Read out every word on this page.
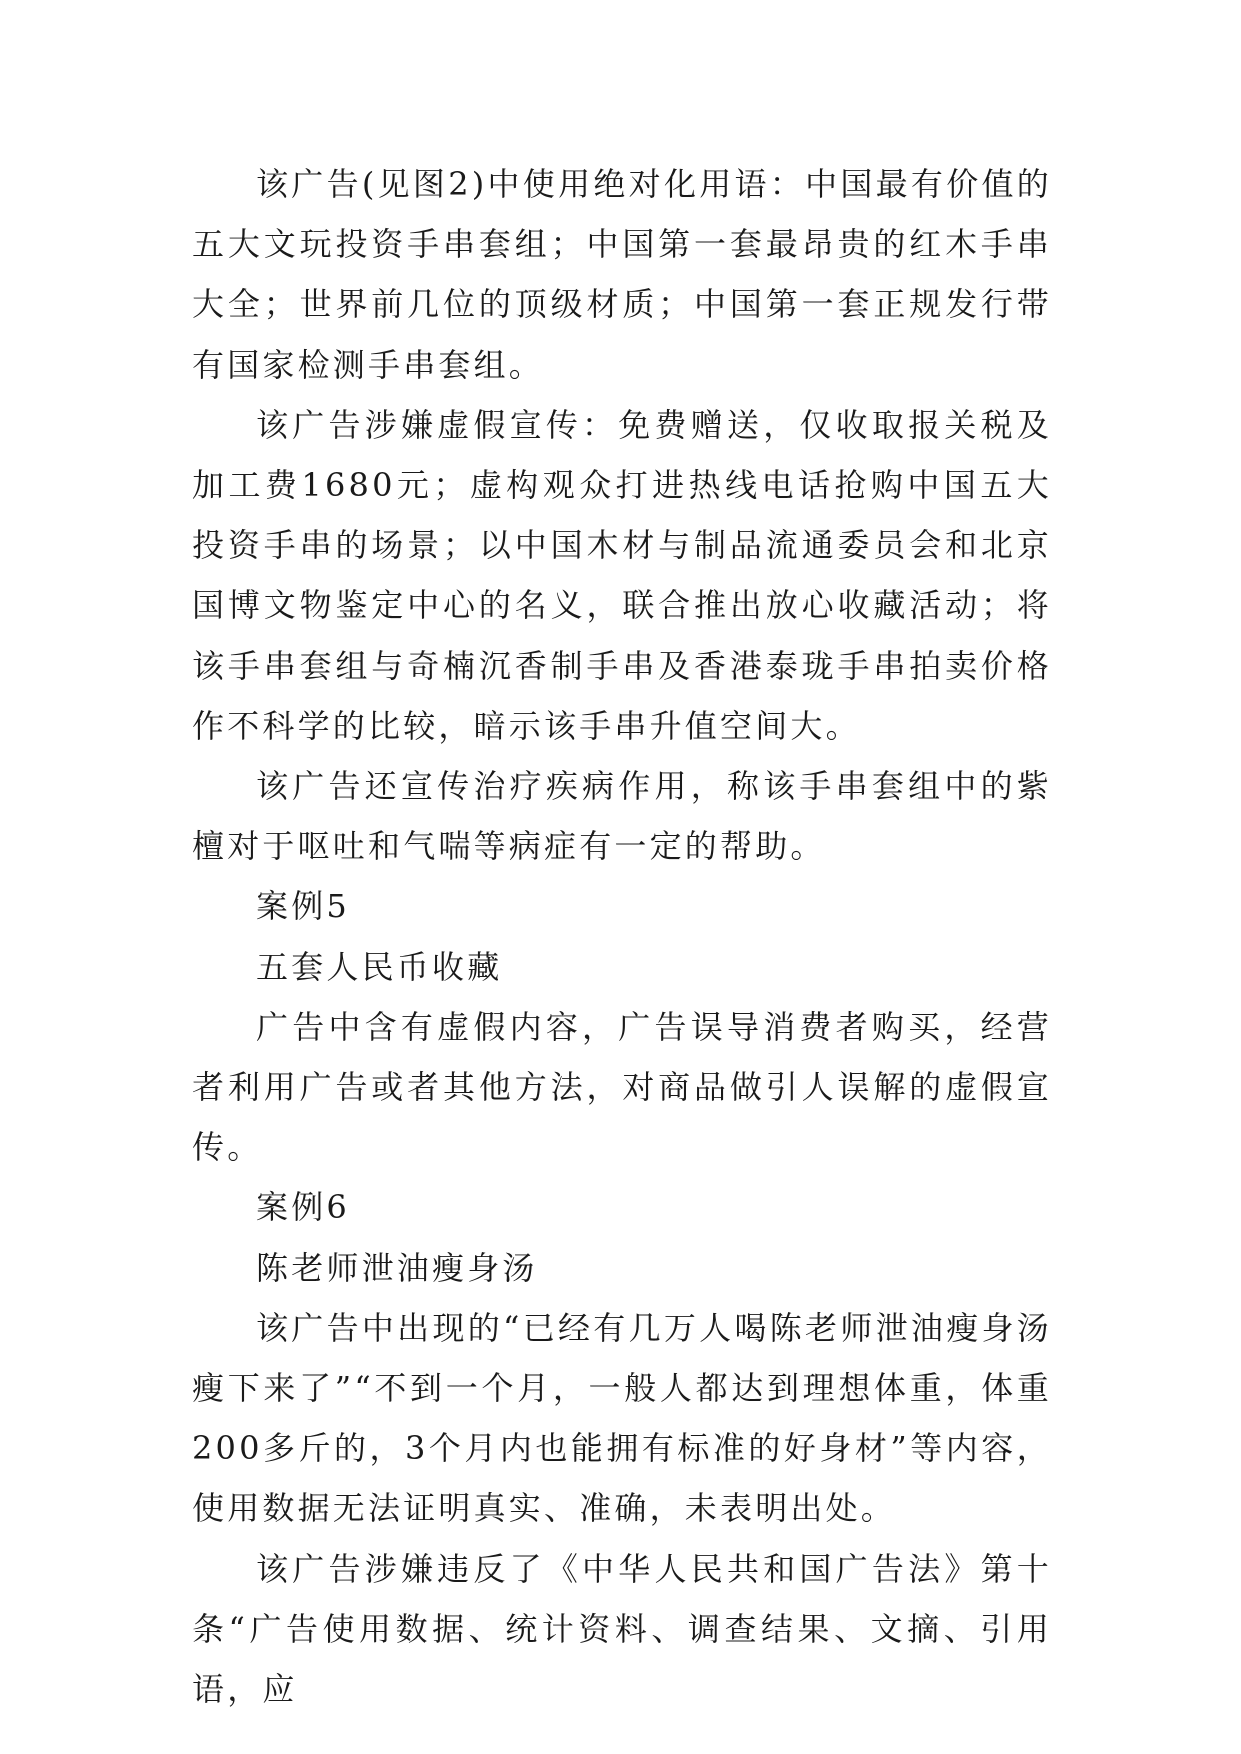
该广告(见图2)中使用绝对化用语：中国最有价值的五大文玩投资手串套组；中国第一套最昂贵的红木手串大全；世界前几位的顶级材质；中国第一套正规发行带有国家检测手串套组。

该广告涉嫌虚假宣传：免费赠送，仅收取报关税及加工费1680元；虚构观众打进热线电话抢购中国五大投资手串的场景；以中国木材与制品流通委员会和北京国博文物鉴定中心的名义，联合推出放心收藏活动；将该手串套组与奇楠沉香制手串及香港泰珑手串拍卖价格作不科学的比较，暗示该手串升值空间大。

该广告还宣传治疗疾病作用，称该手串套组中的紫檀对于呕吐和气喘等病症有一定的帮助。

案例5

五套人民币收藏

广告中含有虚假内容，广告误导消费者购买，经营者利用广告或者其他方法，对商品做引人误解的虚假宣传。

案例6

陈老师泄油瘦身汤

该广告中出现的“已经有几万人喝陈老师泄油瘦身汤瘦下来了”“不到一个月，一般人都达到理想体重，体重200多斤的，3个月内也能拥有标准的好身材”等内容，使用数据无法证明真实、准确，未表明出处。

该广告涉嫌违反了《中华人民共和国广告法》第十条“广告使用数据、统计资料、调查结果、文摘、引用语，应
